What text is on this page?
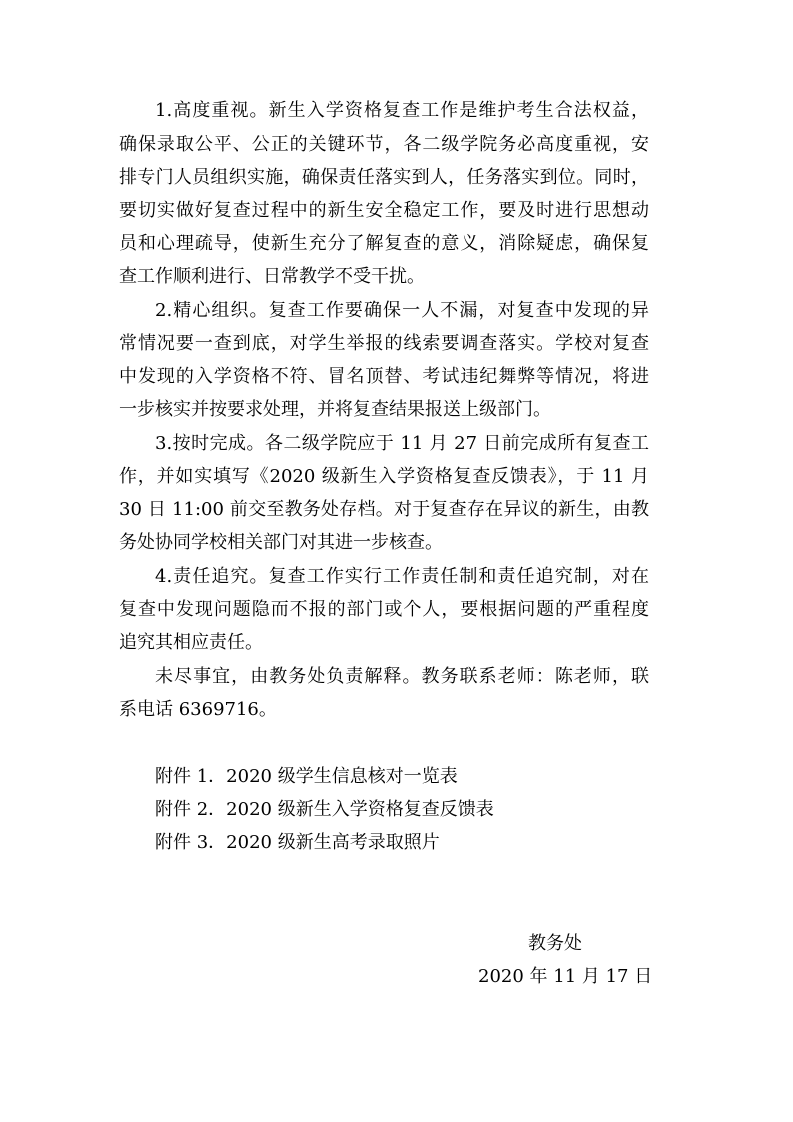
1.高度重视。新生入学资格复查工作是维护考生合法权益，
确保录取公平、公正的关键环节，各二级学院务必高度重视，安
排专门人员组织实施，确保责任落实到人，任务落实到位。同时，
要切实做好复查过程中的新生安全稳定工作，要及时进行思想动
员和心理疏导，使新生充分了解复查的意义，消除疑虑，确保复
查工作顺利进行、日常教学不受干扰。
2.精心组织。复查工作要确保一人不漏，对复查中发现的异
常情况要一查到底，对学生举报的线索要调查落实。学校对复查
中发现的入学资格不符、冒名顶替、考试违纪舞弊等情况，将进
一步核实并按要求处理，并将复查结果报送上级部门。
3.按时完成。各二级学院应于 11 月 27 日前完成所有复查工
作，并如实填写《2020 级新生入学资格复查反馈表》，于 11 月
30 日 11:00 前交至教务处存档。对于复查存在异议的新生，由教
务处协同学校相关部门对其进一步核查。
4.责任追究。复查工作实行工作责任制和责任追究制，对在
复查中发现问题隐而不报的部门或个人，要根据问题的严重程度
追究其相应责任。
未尽事宜，由教务处负责解释。教务联系老师：陈老师，联
系电话 6369716。
附件 1．2020 级学生信息核对一览表
附件 2．2020 级新生入学资格复查反馈表
附件 3．2020 级新生高考录取照片
教务处
2020 年 11 月 17 日
